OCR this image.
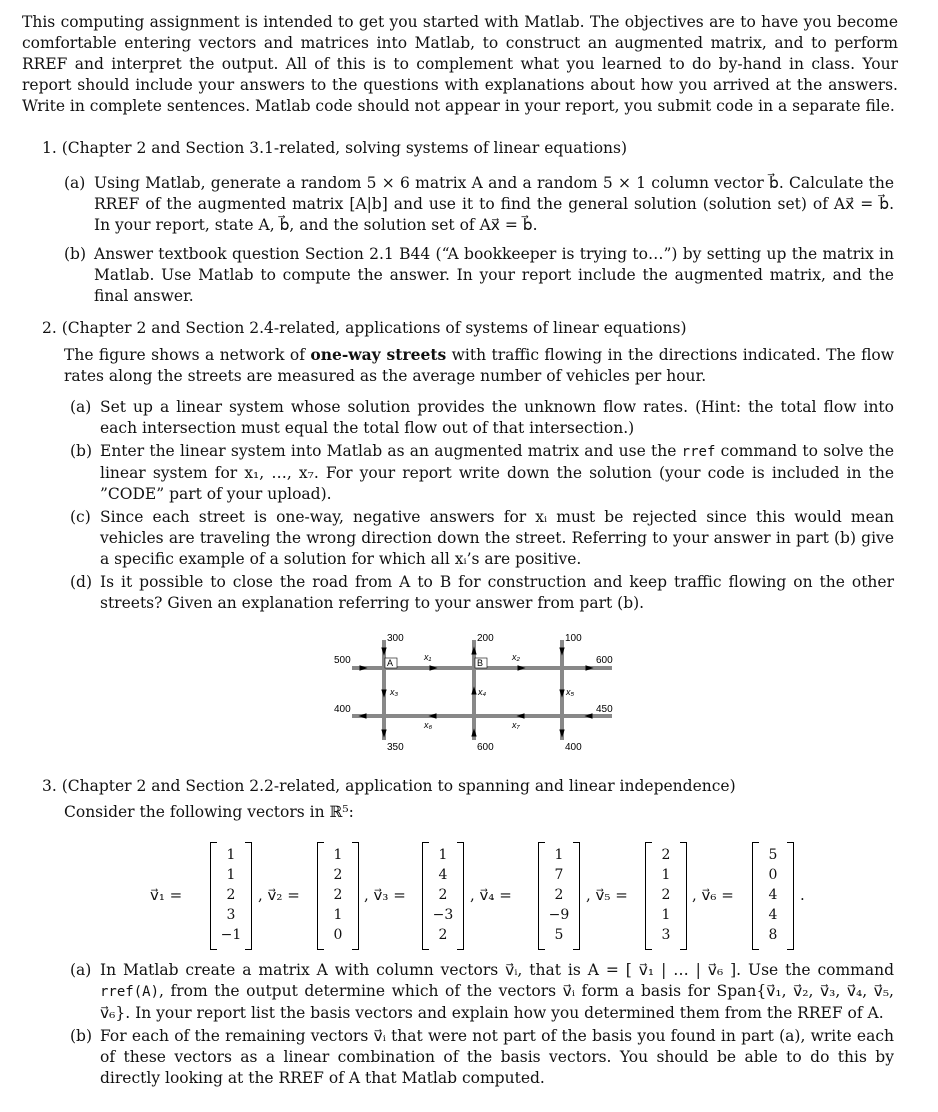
This computing assignment is intended to get you started with Matlab. The objectives are to have you become comfortable entering vectors and matrices into Matlab, to construct an augmented matrix, and to perform RREF and interpret the output. All of this is to complement what you learned to do by-hand in class. Your report should include your answers to the questions with explanations about how you arrived at the answers. Write in complete sentences. Matlab code should not appear in your report, you submit code in a separate file.

1. (Chapter 2 and Section 3.1-related, solving systems of linear equations)

(a) Using Matlab, generate a random 5 × 6 matrix A and a random 5 × 1 column vector b⃗. Calculate the RREF of the augmented matrix [A|b] and use it to find the general solution (solution set) of Ax⃗ = b⃗. In your report, state A, b⃗, and the solution set of Ax⃗ = b⃗.
(b) Answer textbook question Section 2.1 B44 (“A bookkeeper is trying to…”) by setting up the matrix in Matlab. Use Matlab to compute the answer. In your report include the augmented matrix, and the final answer.

2. (Chapter 2 and Section 2.4-related, applications of systems of linear equations)

The figure shows a network of one-way streets with traffic flowing in the directions indicated. The flow rates along the streets are measured as the average number of vehicles per hour.

(a) Set up a linear system whose solution provides the unknown flow rates. (Hint: the total flow into each intersection must equal the total flow out of that intersection.)
(b) Enter the linear system into Matlab as an augmented matrix and use the rref command to solve the linear system for x₁, …, x₇. For your report write down the solution (your code is included in the ”CODE” part of your upload).
(c) Since each street is one-way, negative answers for xᵢ must be rejected since this would mean vehicles are traveling the wrong direction down the street. Referring to your answer in part (b) give a specific example of a solution for which all xᵢ’s are positive.
(d) Is it possible to close the road from A to B for construction and keep traffic flowing on the other streets? Given an explanation referring to your answer from part (b).
300	200	100
500	600
400	450
350	600	400
A	B
x₁	x₂
x₃	x₄	x₅
x₆	x₇

3. (Chapter 2 and Section 2.2-related, application to spanning and linear independence)

Consider the following vectors in ℝ⁵:

v⃗₁ =
1
1
2
3
−1
, v⃗₂ =
1
2
2
1
0
, v⃗₃ =
1
4
2
−3
2
, v⃗₄ =
1
7
2
−9
5
, v⃗₅ =
2
1
2
1
3
, v⃗₆ =
5
0
4
4
8
.
(a) In Matlab create a matrix A with column vectors v⃗ᵢ, that is A = [ v⃗₁ | … | v⃗₆ ]. Use the command rref(A), from the output determine which of the vectors v⃗ᵢ form a basis for Span{v⃗₁, v⃗₂, v⃗₃, v⃗₄, v⃗₅, v⃗₆}. In your report list the basis vectors and explain how you determined them from the RREF of A.
(b) For each of the remaining vectors v⃗ᵢ that were not part of the basis you found in part (a), write each of these vectors as a linear combination of the basis vectors. You should be able to do this by directly looking at the RREF of A that Matlab computed.
